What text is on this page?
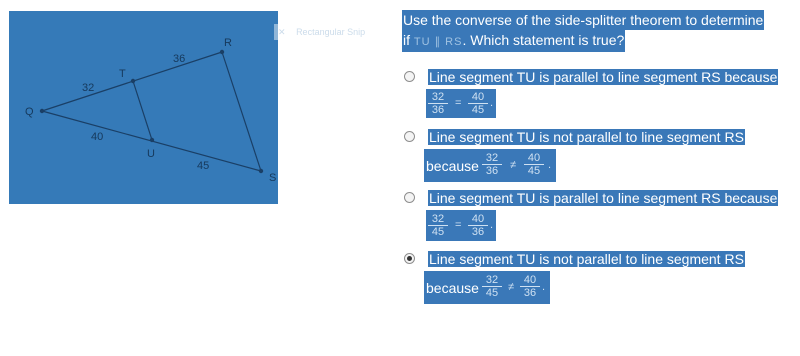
Q
T
R
U
S
32
36
40
45
✕ Rectangular Snip
Use the converse of the side-splitter theorem to determine
if TU ∥ RS. Which statement is true?
Line segment TU is parallel to line segment RS because
$\frac{32}{36} = \frac{40}{45}$ .
Line segment TU is not parallel to line segment RS
because $\frac{32}{36} \ne \frac{40}{45}$ .
Line segment TU is parallel to line segment RS because
$\frac{32}{45} = \frac{40}{36}$ .
Line segment TU is not parallel to line segment RS
because $\frac{32}{45} \ne \frac{40}{36}$ .
